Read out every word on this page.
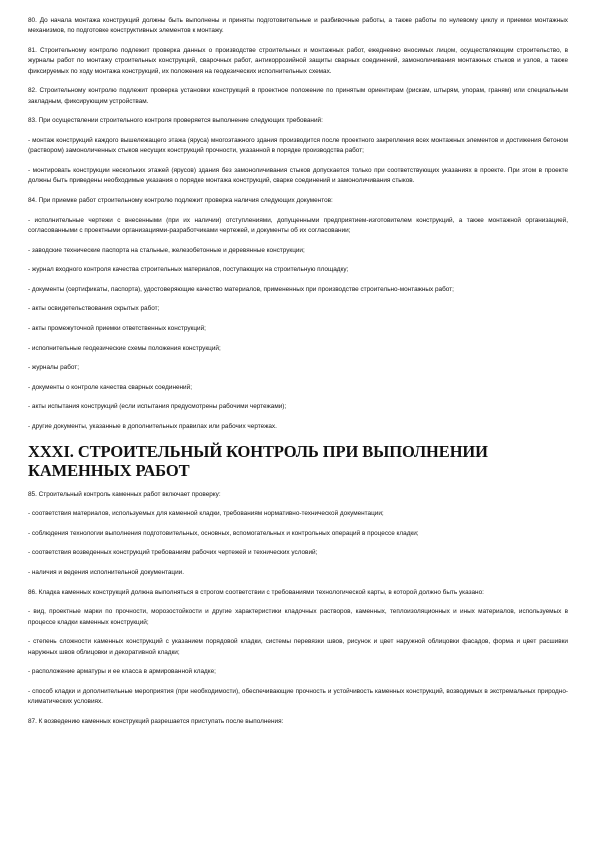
80. До начала монтажа конструкций должны быть выполнены и приняты подготовительные и разбивочные работы, а также работы по нулевому циклу и приемки монтажных механизмов, по подготовке конструктивных элементов к монтажу.

81. Строительному контролю подлежит проверка данных о производстве строительных и монтажных работ, ежедневно вносимых лицом, осуществляющим строительство, в журналы работ по монтажу строительных конструкций, сварочных работ, антикоррозийной защиты сварных соединений, замоноличивания монтажных стыков и узлов, а также фиксируемых по ходу монтажа конструкций, их положения на геодезических исполнительных схемах.

82. Строительному контролю подлежит проверка установки конструкций в проектное положение по принятым ориентирам (рискам, штырям, упорам, граням) или специальным закладным, фиксирующим устройствам.

83. При осуществлении строительного контроля проверяется выполнение следующих требований:

- монтаж конструкций каждого вышележащего этажа (яруса) многоэтажного здания производится после проектного закрепления всех монтажных элементов и достижения бетоном (раствором) замоноличенных стыков несущих конструкций прочности, указанной в порядке производства работ;

- монтировать конструкции нескольких этажей (ярусов) здания без замоноличивания стыков допускается только при соответствующих указаниях в проекте. При этом в проекте должны быть приведены необходимые указания о порядке монтажа конструкций, сварке соединений и замоноличивания стыков.

84. При приемке работ строительному контролю подлежит проверка наличия следующих документов:

- исполнительные чертежи с внесенными (при их наличии) отступлениями, допущенными предприятием-изготовителем конструкций, а также монтажной организацией, согласованными с проектными организациями-разработчиками чертежей, и документы об их согласовании;

- заводские технические паспорта на стальные, железобетонные и деревянные конструкции;

- журнал входного контроля качества строительных материалов, поступающих на строительную площадку;

- документы (сертификаты, паспорта), удостоверяющие качество материалов, примененных при производстве строительно-монтажных работ;

- акты освидетельствования скрытых работ;

- акты промежуточной приемки ответственных конструкций;

- исполнительные геодезические схемы положения конструкций;

- журналы работ;

- документы о контроле качества сварных соединений;

- акты испытания конструкций (если испытания предусмотрены рабочими чертежами);

- другие документы, указанные в дополнительных правилах или рабочих чертежах.

XXXI. СТРОИТЕЛЬНЫЙ КОНТРОЛЬ ПРИ ВЫПОЛНЕНИИ КАМЕННЫХ РАБОТ

85. Строительный контроль каменных работ включает проверку:

- соответствия материалов, используемых для каменной кладки, требованиям нормативно-технической документации;

- соблюдения технологии выполнения подготовительных, основных, вспомогательных и контрольных операций в процессе кладки;

- соответствия возведенных конструкций требованиям рабочих чертежей и технических условий;

- наличия и ведения исполнительной документации.

86. Кладка каменных конструкций должна выполняться в строгом соответствии с требованиями технологической карты, в которой должно быть указано:

- вид, проектные марки по прочности, морозостойкости и другие характеристики кладочных растворов, каменных, теплоизоляционных и иных материалов, используемых в процессе кладки каменных конструкций;

- степень сложности каменных конструкций с указанием порядовой кладки, системы перевязки швов, рисунок и цвет наружной облицовки фасадов, форма и цвет расшивки наружных швов облицовки и декоративной кладки;

- расположение арматуры и ее класса в армированной кладке;

- способ кладки и дополнительные мероприятия (при необходимости), обеспечивающие прочность и устойчивость каменных конструкций, возводимых в экстремальных природно-климатических условиях.

87. К возведению каменных конструкций разрешается приступать после выполнения:
